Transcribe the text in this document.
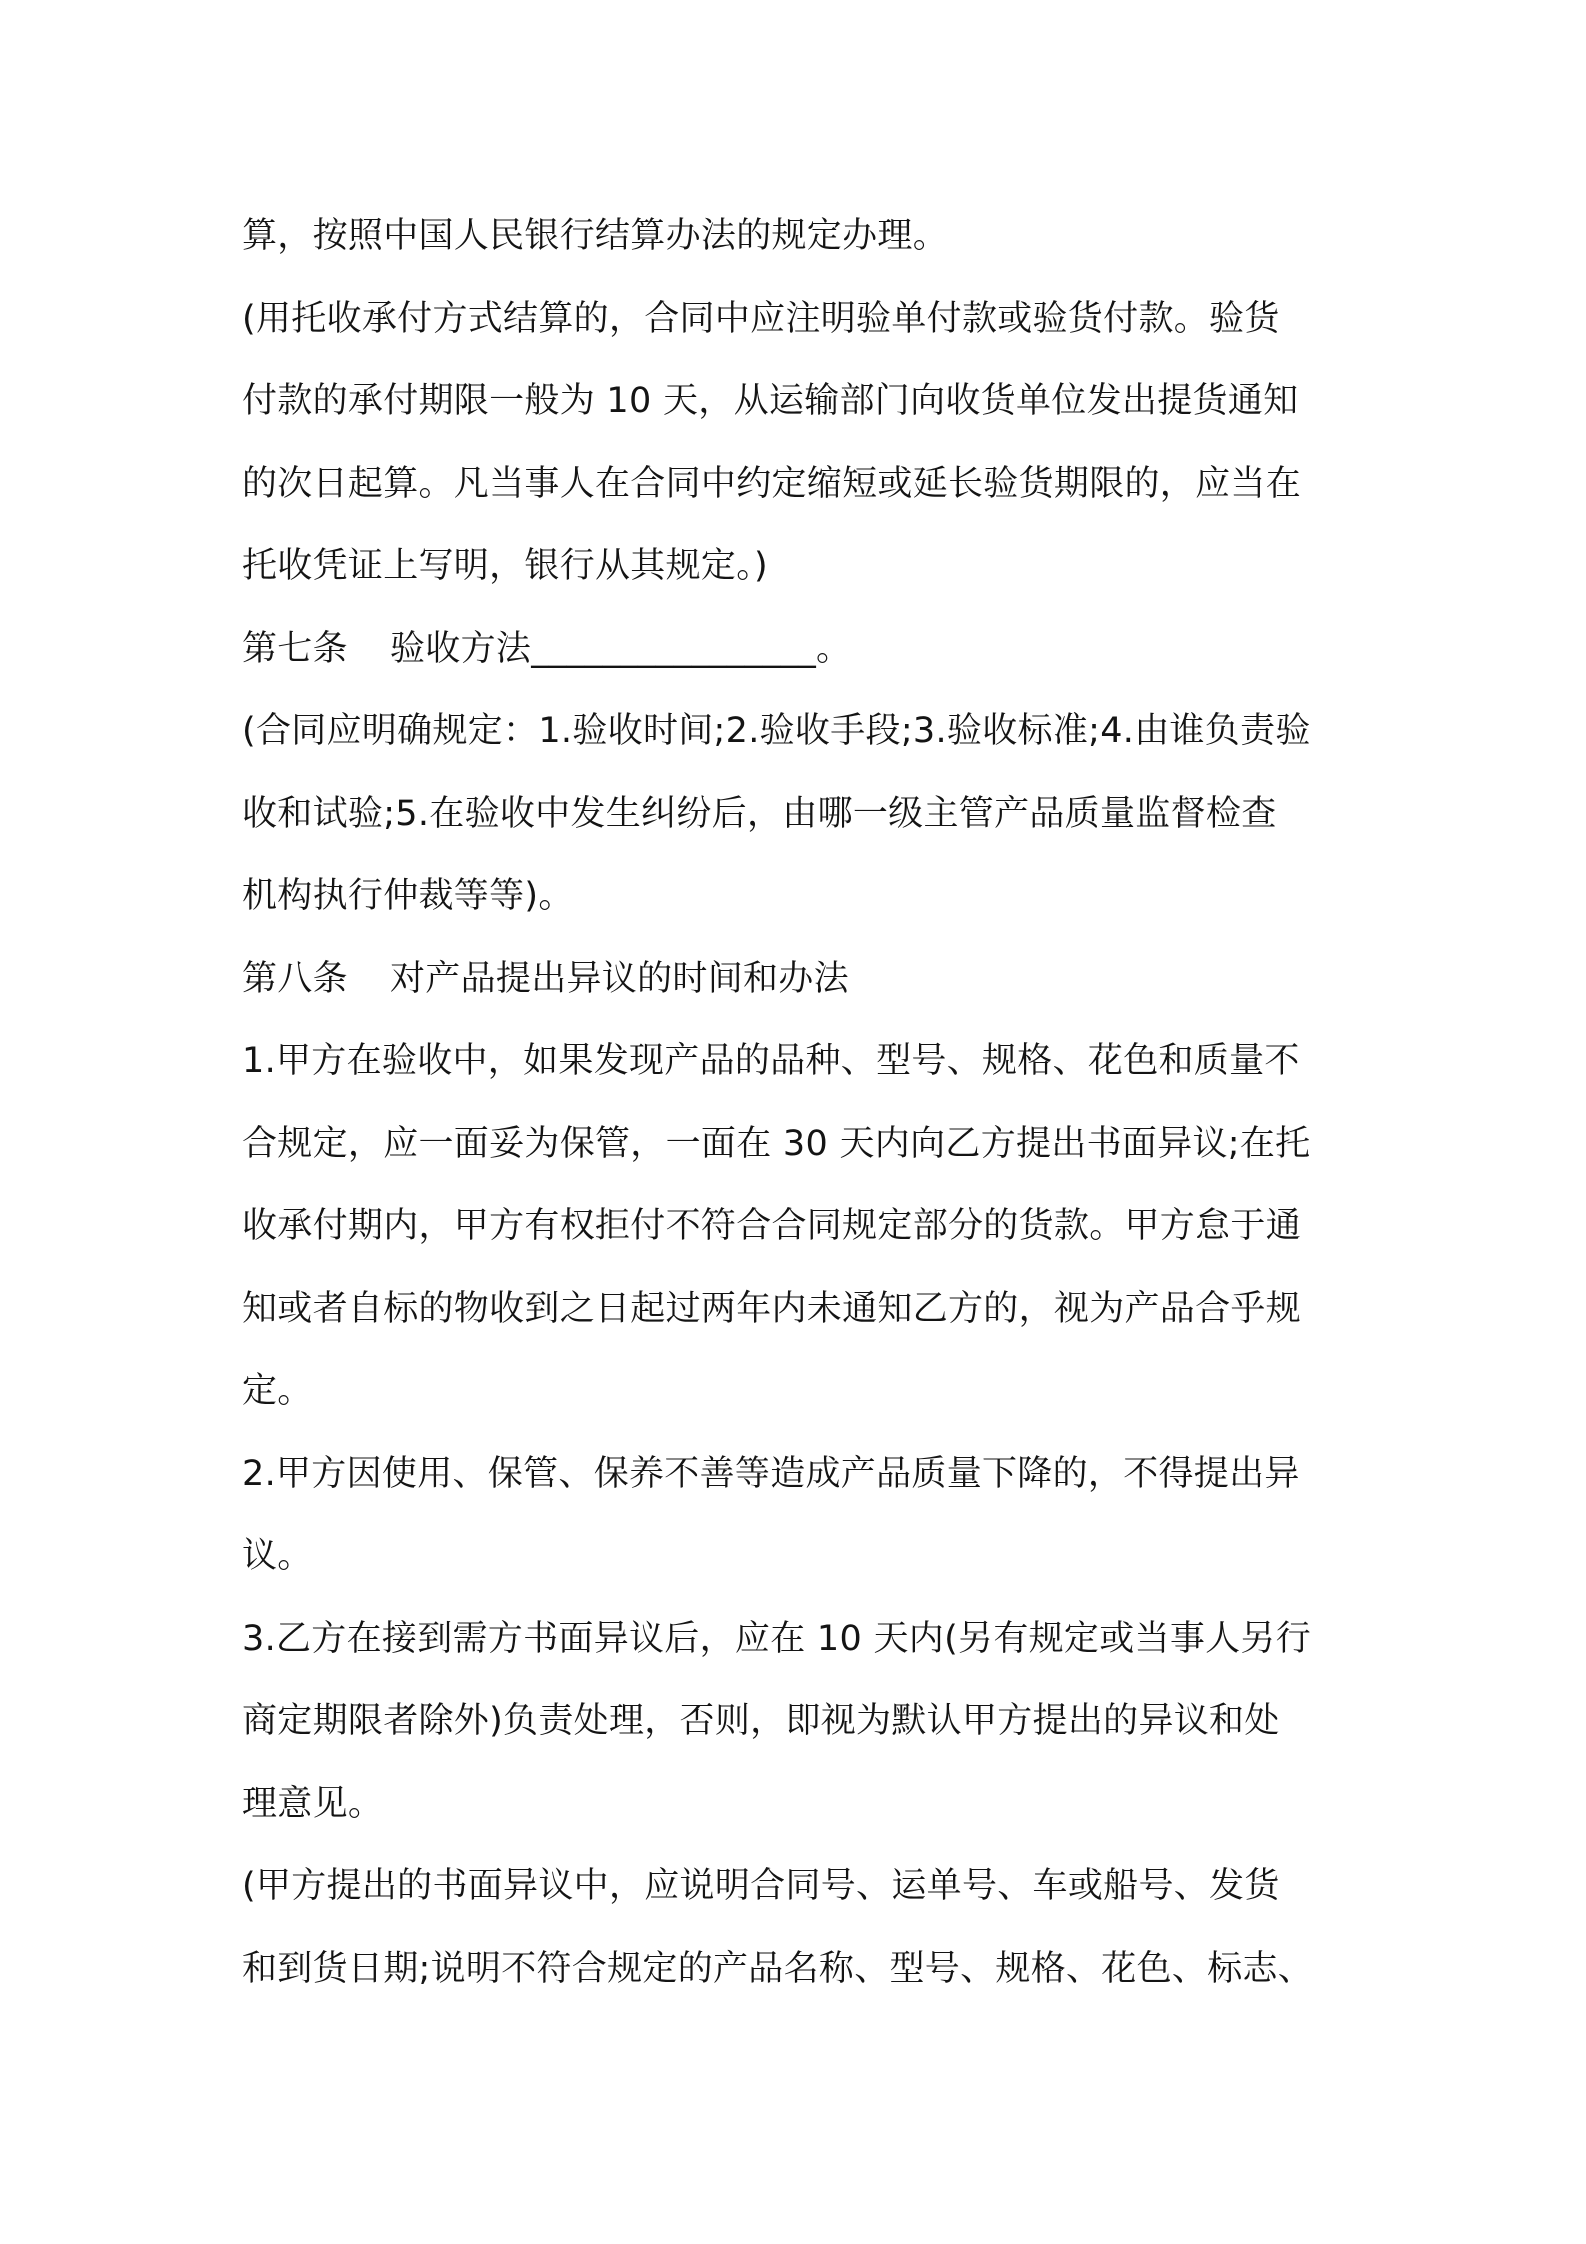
算，按照中国人民银行结算办法的规定办理。
(用托收承付方式结算的，合同中应注明验单付款或验货付款。验货
付款的承付期限一般为 10 天，从运输部门向收货单位发出提货通知
的次日起算。凡当事人在合同中约定缩短或延长验货期限的，应当在
托收凭证上写明，银行从其规定。)
第七条 验收方法________________。
(合同应明确规定：1.验收时间;2.验收手段;3.验收标准;4.由谁负责验
收和试验;5.在验收中发生纠纷后，由哪一级主管产品质量监督检查
机构执行仲裁等等)。
第八条 对产品提出异议的时间和办法
1.甲方在验收中，如果发现产品的品种、型号、规格、花色和质量不
合规定，应一面妥为保管，一面在 30 天内向乙方提出书面异议;在托
收承付期内，甲方有权拒付不符合合同规定部分的货款。甲方怠于通
知或者自标的物收到之日起过两年内未通知乙方的，视为产品合乎规
定。
2.甲方因使用、保管、保养不善等造成产品质量下降的，不得提出异
议。
3.乙方在接到需方书面异议后，应在 10 天内(另有规定或当事人另行
商定期限者除外)负责处理，否则，即视为默认甲方提出的异议和处
理意见。
(甲方提出的书面异议中，应说明合同号、运单号、车或船号、发货
和到货日期;说明不符合规定的产品名称、型号、规格、花色、标志、
